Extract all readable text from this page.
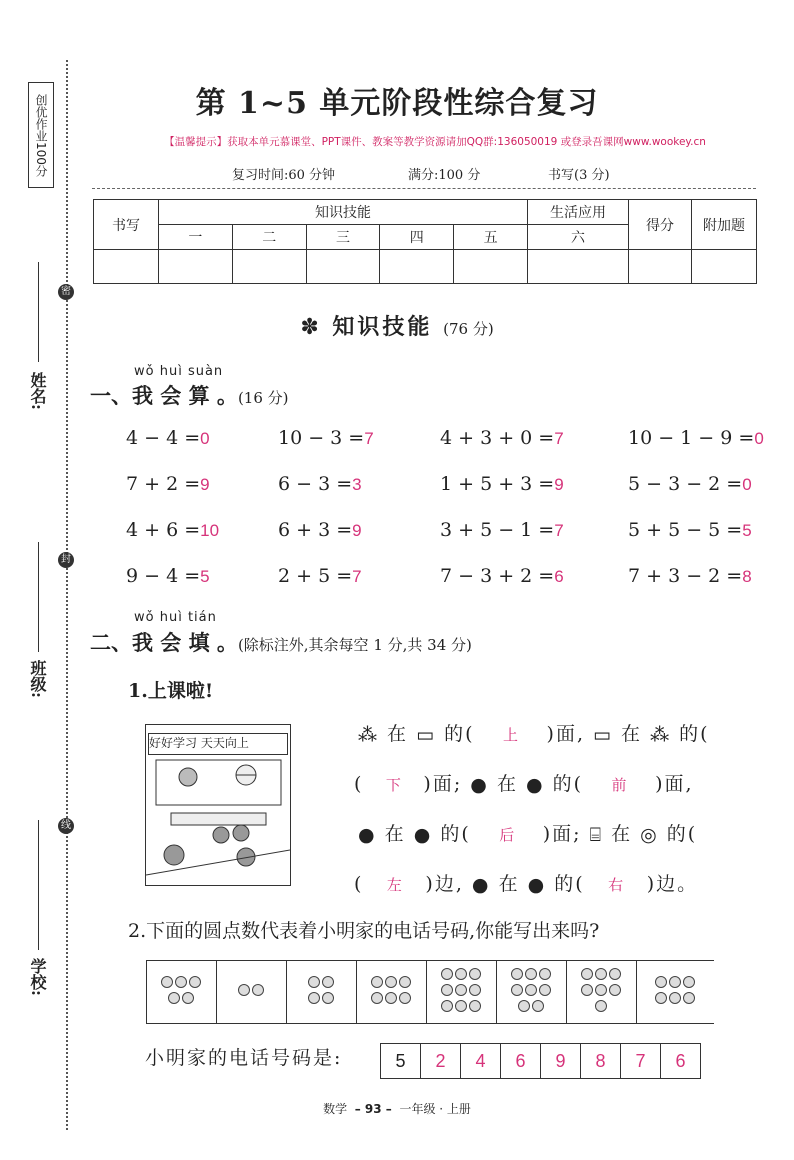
创优作业100分
姓名:
班级:
学校:
密
封
线
第 1~5 单元阶段性综合复习
【温馨提示】获取本单元慕课堂、PPT课件、教案等教学资源请加QQ群:136050019 或登录吾课网www.wookey.cn
复习时间:60 分钟	满分:100 分	书写(3 分)
书写	知识技能					生活应用	得分	附加题
	一	二	三	四	五	六		

✽ 知识技能 (76 分)
wǒ huì suàn
一、我 会 算 。(16 分)
4 − 4 =0	10 − 3 =7	4 + 3 + 0 =7	10 − 1 − 9 =0
7 + 2 =9	6 − 3 =3	1 + 5 + 3 =9	5 − 3 − 2 =0
4 + 6 =10	6 + 3 =9	3 + 5 − 1 =7	5 + 5 − 5 =5
9 − 4 =5	2 + 5 =7	7 − 3 + 2 =6	7 + 3 − 2 =8
wǒ huì tián
二、我 会 填 。(除标注外,其余每空 1 分,共 34 分)
1.上课啦!
好好学习 天天向上	⁂ 在 ▭ 的( 上 )面, ▭ 在 ⁂ 的(
( 下 )面; ● 在 ● 的( 前 )面,
● 在 ● 的( 后 )面; ⌸ 在 ◎ 的(
( 左 )边, ● 在 ● 的( 右 )边。
2.下面的圆点数代表着小明家的电话号码,你能写出来吗?
小明家的电话号码是:	5	2	4	6	9	8	7	6
数学 – 93 – 一年级 · 上册
